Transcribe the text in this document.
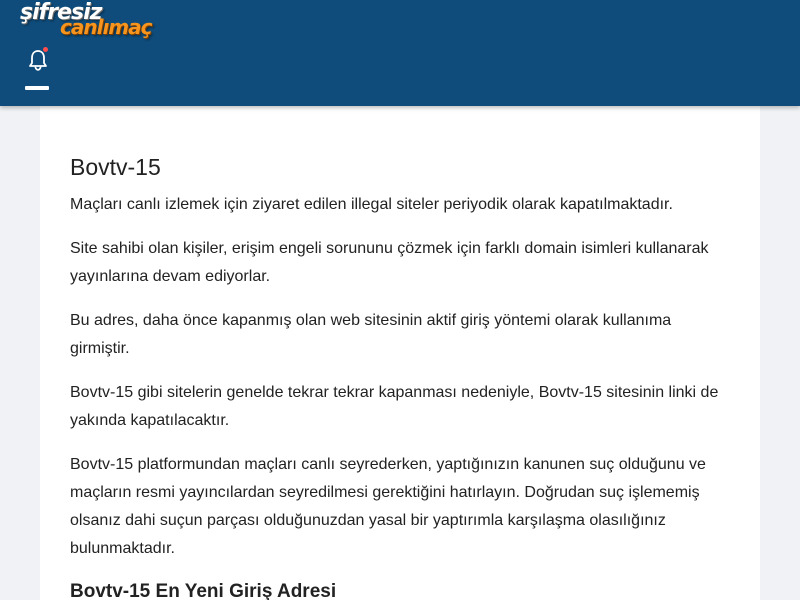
şifresiz
canlımaç
Bovtv-15

Maçları canlı izlemek için ziyaret edilen illegal siteler periyodik olarak kapatılmaktadır.

Site sahibi olan kişiler, erişim engeli sorununu çözmek için farklı domain isimleri kullanarak yayınlarına devam ediyorlar.

Bu adres, daha önce kapanmış olan web sitesinin aktif giriş yöntemi olarak kullanıma girmiştir.

Bovtv-15 gibi sitelerin genelde tekrar tekrar kapanması nedeniyle, Bovtv-15 sitesinin linki de yakında kapatılacaktır.

Bovtv-15 platformundan maçları canlı seyrederken, yaptığınızın kanunen suç olduğunu ve maçların resmi yayıncılardan seyredilmesi gerektiğini hatırlayın. Doğrudan suç işlememiş olsanız dahi suçun parçası olduğunuzdan yasal bir yaptırımla karşılaşma olasılığınız bulunmaktadır.

Bovtv-15 En Yeni Giriş Adresi
